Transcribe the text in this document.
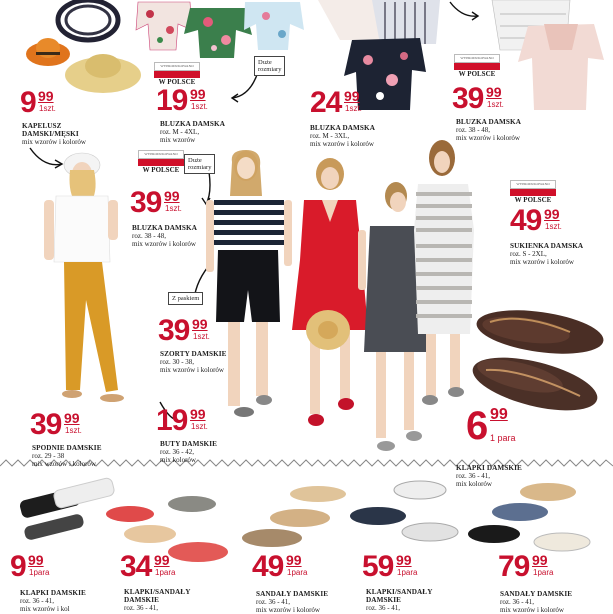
WYPRODUKOWANO
W POLSCE
WYPRODUKOWANO
W POLSCE
WYPRODUKOWANO
W POLSCE
WYPRODUKOWANO
W POLSCE
Duże
rozmiary
Duże
rozmiary
Z paskiem
9 99
1szt.
KAPELUSZ
DAMSKI/MĘSKI
mix wzorów i kolorów
19 99
1szt.
BLUZKA DAMSKA
roz. M - 4XL,
mix wzorów
24 99
1szt.
BLUZKA DAMSKA
roz. M - 3XL,
mix wzorów i kolorów
39 99
1szt.
BLUZKA DAMSKA
roz. 38 - 48,
mix wzorów i kolorów
39 99
1szt.
BLUZKA DAMSKA
roz. 38 - 48,
mix wzorów i kolorów
49 99
1szt.
SUKIENKA DAMSKA
roz. S - 2XL,
mix wzorów i kolorów
39 99
1szt.
SZORTY DAMSKIE
roz. 30 - 38,
mix wzorów i kolorów
39 99
1szt.
SPODNIE DAMSKIE
roz. 29 - 38
mix wzorów i kolorów
19 99
1szt.
BUTY DAMSKIE
roz. 36 - 42,
mix kolorów
6 99
1 para
KLAPKI DAMSKIE
roz. 36 - 41,
mix kolorów
9 99
1para
KLAPKI DAMSKIE
roz. 36 - 41,
mix wzorów i kol
34 99
1para
KLAPKI/SANDAŁY
DAMSKIE
roz. 36 - 41,
49 99
1para
SANDAŁY DAMSKIE
roz. 36 - 41,
mix wzorów i kolorów
59 99
1para
KLAPKI/SANDAŁY
DAMSKIE
roz. 36 - 41,
79 99
1para
SANDAŁY DAMSKIE
roz. 36 - 41,
mix wzorów i kolorów
